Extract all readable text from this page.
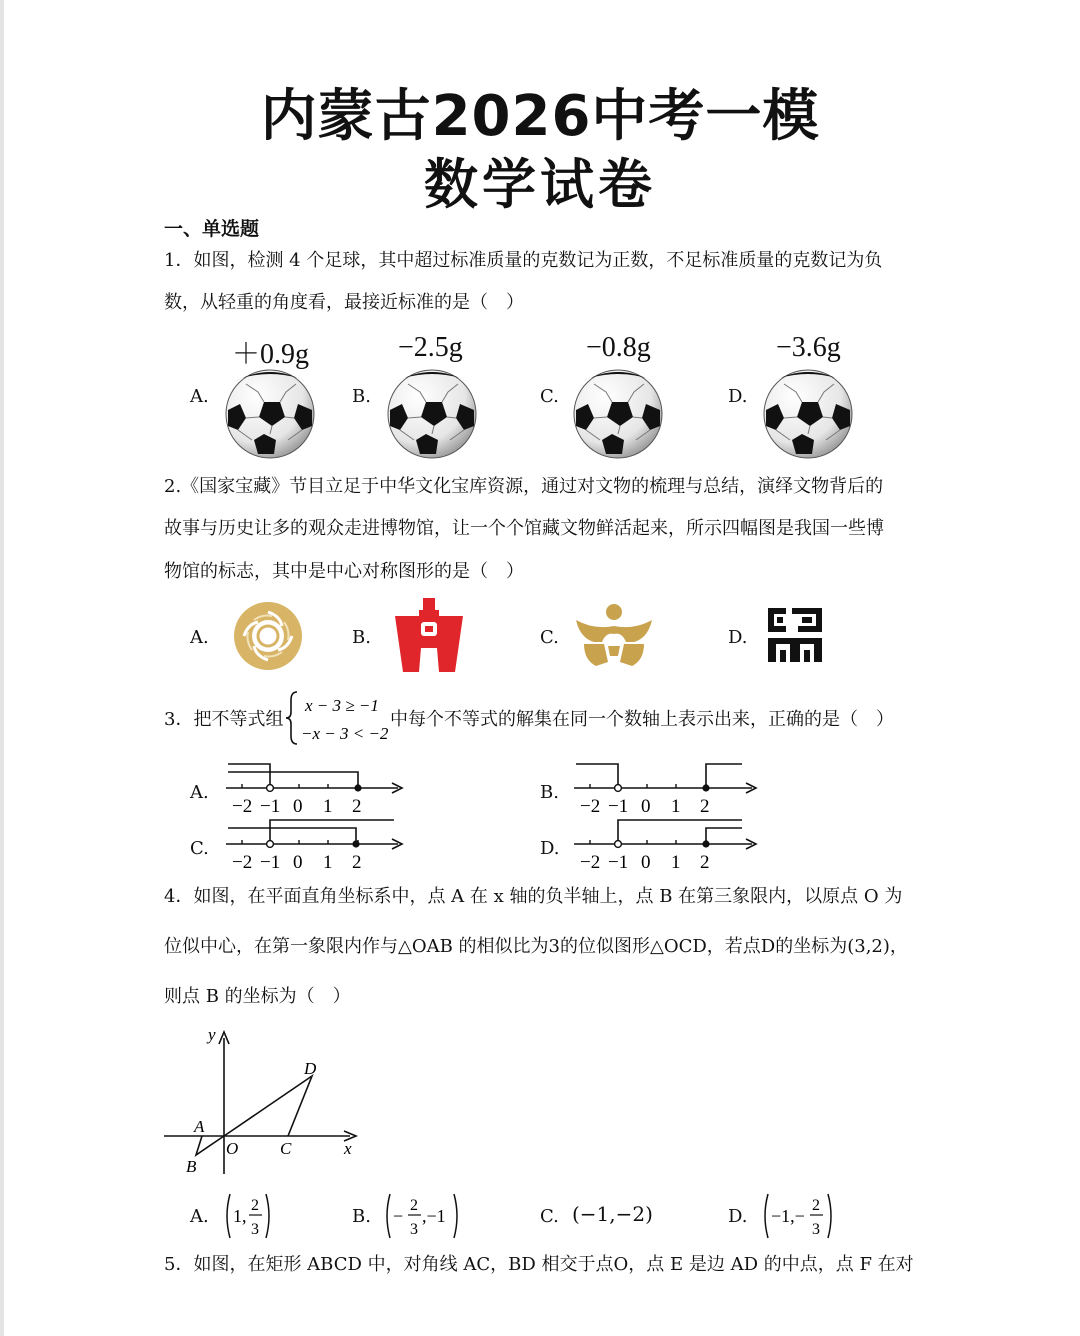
内蒙古2026中考一模
数学试卷
一、单选题
1．如图，检测 4 个足球，其中超过标准质量的克数记为正数，不足标准质量的克数记为负
数，从轻重的角度看，最接近标准的是（　）
＋0.9g	−2.5g	−0.8g	−3.6g
A.	B.	C.	D.
2.《国家宝藏》节目立足于中华文化宝库资源，通过对文物的梳理与总结，演绎文物背后的
故事与历史让多的观众走进博物馆，让一个个馆藏文物鲜活起来，所示四幅图是我国一些博
物馆的标志，其中是中心对称图形的是（　）
A.	B.	C.	D.
3．把不等式组
x − 3 ≥ −1
−x − 3 < −2
中每个不等式的解集在同一个数轴上表示出来，正确的是（　）
A.	B.
C.	D.
−2 −1 0 1 2	−2 −1 0 1 2
−2 −1 0 1 2	−2 −1 0 1 2
4．如图，在平面直角坐标系中，点 A 在 x 轴的负半轴上，点 B 在第三象限内，以原点 O 为
位似中心，在第一象限内作与△OAB 的相似比为3的位似图形△OCD，若点D的坐标为(3,2)，
则点 B 的坐标为（　）
y
x
A
B
O C
D
A. 1,
2
3
B. −
2
3
,−1	C. (−1,−2)	D. −1,−
2
3
5．如图，在矩形 ABCD 中，对角线 AC，BD 相交于点O，点 E 是边 AD 的中点，点 F 在对
